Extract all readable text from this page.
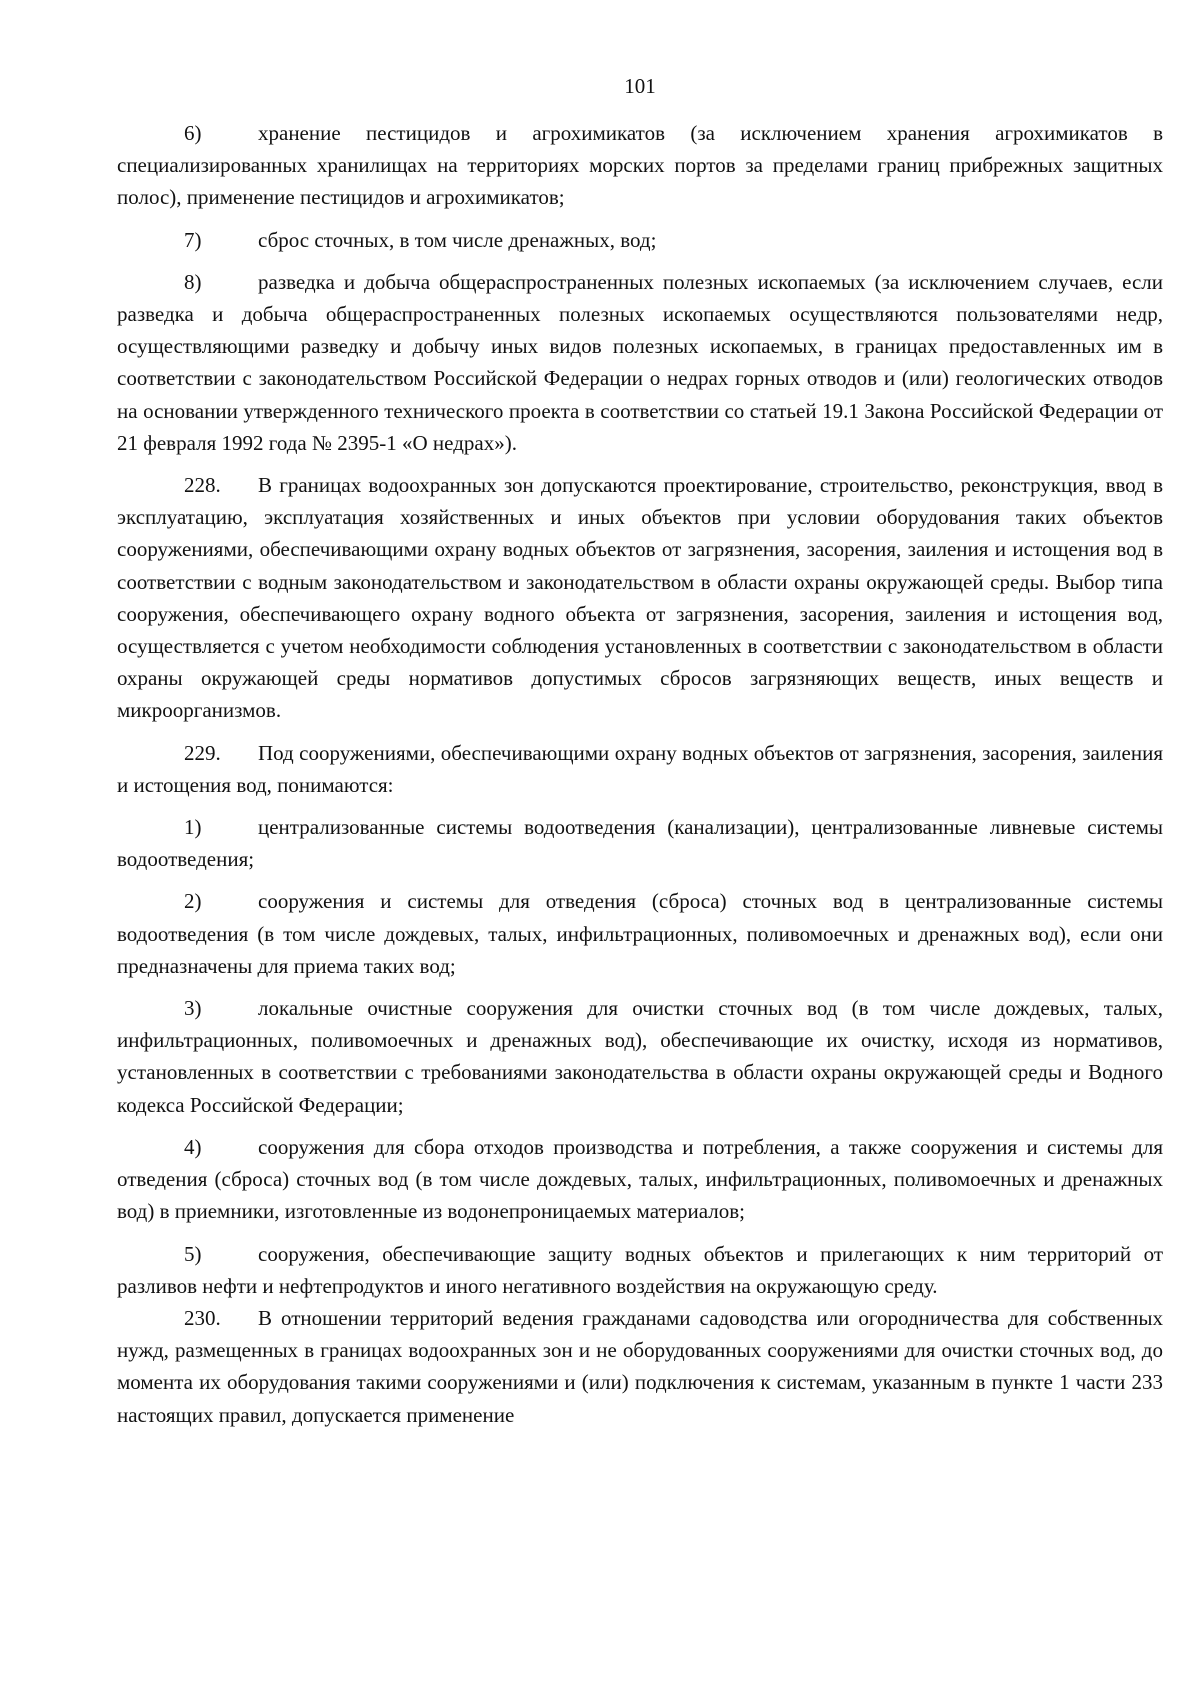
101

6)	хранение пестицидов и агрохимикатов (за исключением хранения агрохимикатов в специализированных хранилищах на территориях морских портов за пределами границ прибрежных защитных полос), применение пестицидов и агрохимикатов;

7)	сброс сточных, в том числе дренажных, вод;

8)	разведка и добыча общераспространенных полезных ископаемых (за исключением случаев, если разведка и добыча общераспространенных полезных ископаемых осуществляются пользователями недр, осуществляющими разведку и добычу иных видов полезных ископаемых, в границах предоставленных им в соответствии с законодательством Российской Федерации о недрах горных отводов и (или) геологических отводов на основании утвержденного технического проекта в соответствии со статьей 19.1 Закона Российской Федерации от 21 февраля 1992 года № 2395-1 «О недрах»).

228. В границах водоохранных зон допускаются проектирование, строительство, реконструкция, ввод в эксплуатацию, эксплуатация хозяйственных и иных объектов при условии оборудования таких объектов сооружениями, обеспечивающими охрану водных объектов от загрязнения, засорения, заиления и истощения вод в соответствии с водным законодательством и законодательством в области охраны окружающей среды. Выбор типа сооружения, обеспечивающего охрану водного объекта от загрязнения, засорения, заиления и истощения вод, осуществляется с учетом необходимости соблюдения установленных в соответствии с законодательством в области охраны окружающей среды нормативов допустимых сбросов загрязняющих веществ, иных веществ и микроорганизмов.

229. Под сооружениями, обеспечивающими охрану водных объектов от загрязнения, засорения, заиления и истощения вод, понимаются:

1)	централизованные системы водоотведения (канализации), централизованные ливневые системы водоотведения;

2)	сооружения и системы для отведения (сброса) сточных вод в централизованные системы водоотведения (в том числе дождевых, талых, инфильтрационных, поливомоечных и дренажных вод), если они предназначены для приема таких вод;

3)	локальные очистные сооружения для очистки сточных вод (в том числе дождевых, талых, инфильтрационных, поливомоечных и дренажных вод), обеспечивающие их очистку, исходя из нормативов, установленных в соответствии с требованиями законодательства в области охраны окружающей среды и Водного кодекса Российской Федерации;

4)	сооружения для сбора отходов производства и потребления, а также сооружения и системы для отведения (сброса) сточных вод (в том числе дождевых, талых, инфильтрационных, поливомоечных и дренажных вод) в приемники, изготовленные из водонепроницаемых материалов;

5)	сооружения, обеспечивающие защиту водных объектов и прилегающих к ним территорий от разливов нефти и нефтепродуктов и иного негативного воздействия на окружающую среду.

230. В отношении территорий ведения гражданами садоводства или огородничества для собственных нужд, размещенных в границах водоохранных зон и не оборудованных сооружениями для очистки сточных вод, до момента их оборудования такими сооружениями и (или) подключения к системам, указанным в пункте 1 части 233 настоящих правил, допускается применение
